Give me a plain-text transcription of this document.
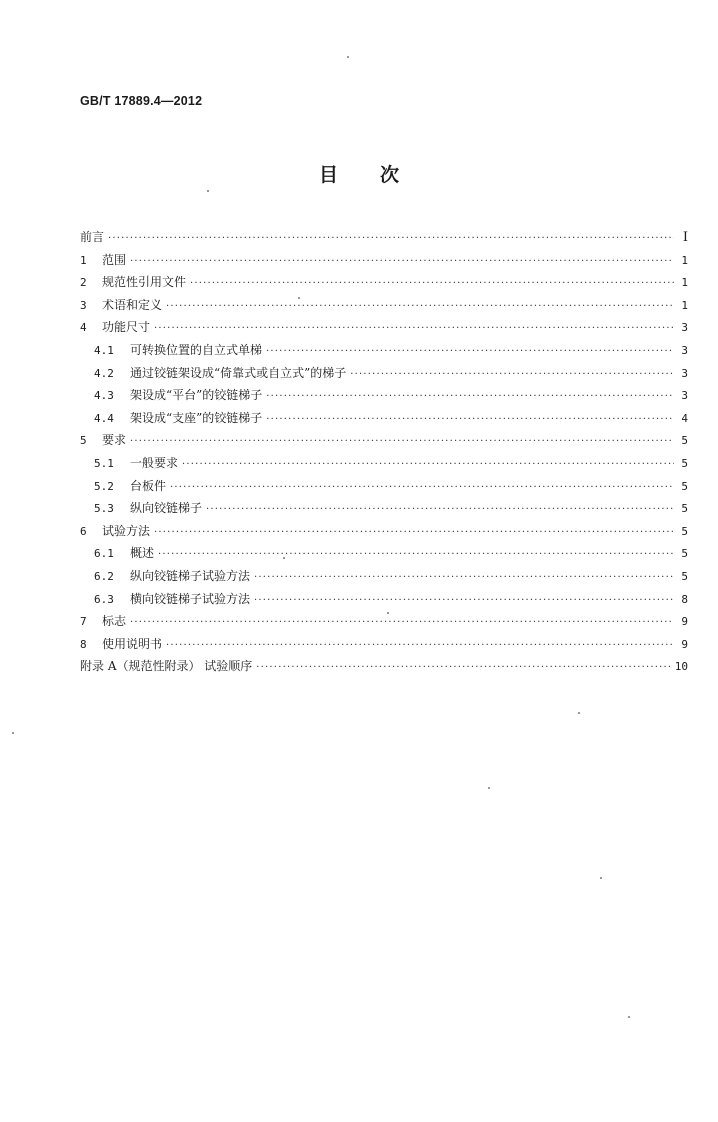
GB/T 17889.4—2012
目次
前言 ·····	I
1	范围 ·····	1
2	规范性引用文件 ·····	1
3	术语和定义 ·····	1
4	功能尺寸 ·····	3
4.1	可转换位置的自立式单梯 ·····	3
4.2	通过铰链架设成“倚靠式或自立式”的梯子 ·····	3
4.3	架设成“平台”的铰链梯子 ·····	3
4.4	架设成“支座”的铰链梯子 ·····	4
5	要求 ·····	5
5.1	一般要求 ·····	5
5.2	台板件 ·····	5
5.3	纵向铰链梯子 ·····	5
6	试验方法 ·····	5
6.1	概述 ·····	5
6.2	纵向铰链梯子试验方法 ·····	5
6.3	横向铰链梯子试验方法 ·····	8
7	标志 ·····	9
8	使用说明书 ·····	9
附录 A（规范性附录） 试验顺序 ·····	10
